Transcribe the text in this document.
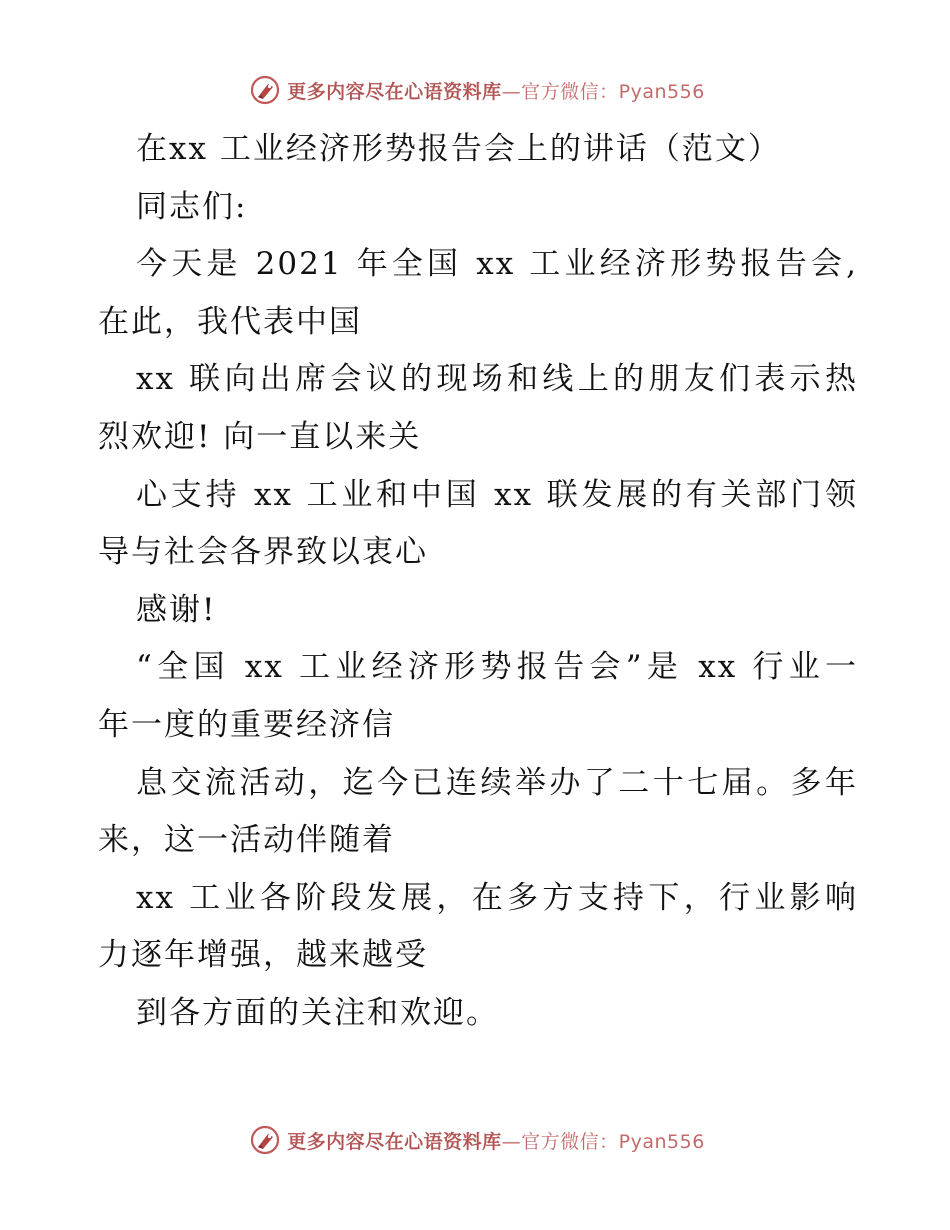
更多内容尽在心语资料库—官方微信：Pyan556
在xx 工业经济形势报告会上的讲话（范文）
同志们:
今天是 2021 年全国 xx 工业经济形势报告会,
在此，我代表中国
xx 联向出席会议的现场和线上的朋友们表示热
烈欢迎! 向一直以来关
心支持 xx 工业和中国 xx 联发展的有关部门领
导与社会各界致以衷心
感谢!
“全国 xx 工业经济形势报告会”是 xx 行业一
年一度的重要经济信
息交流活动，迄今已连续举办了二十七届。多年
来，这一活动伴随着
xx 工业各阶段发展，在多方支持下，行业影响
力逐年增强，越来越受
到各方面的关注和欢迎。
更多内容尽在心语资料库—官方微信：Pyan556
